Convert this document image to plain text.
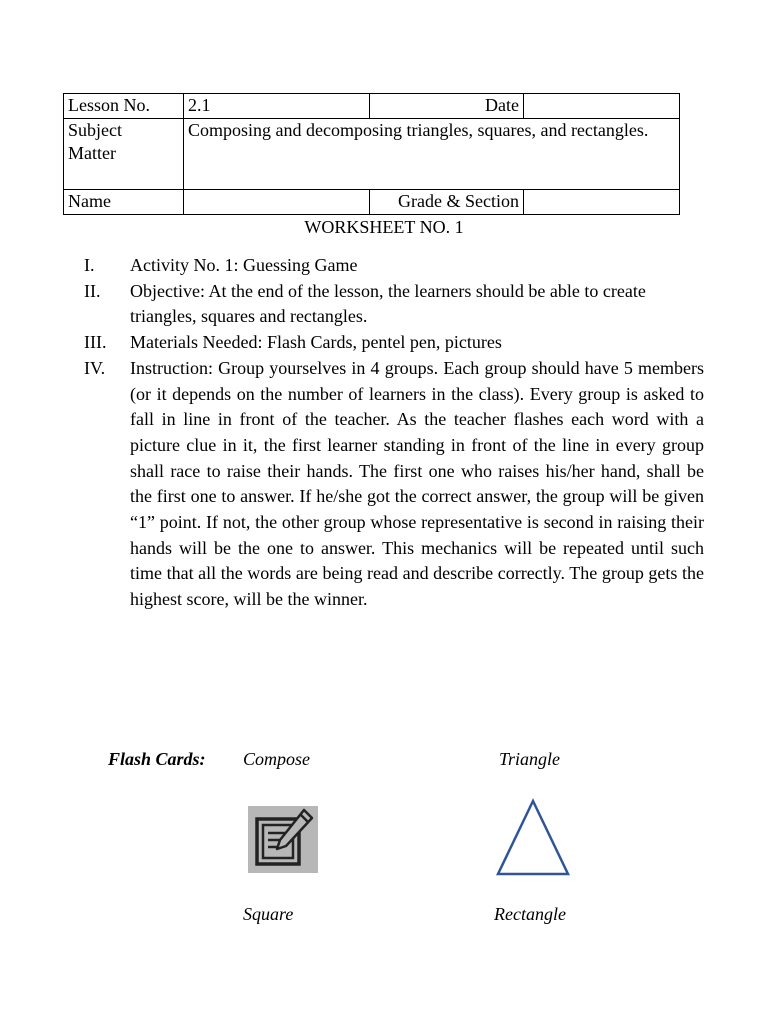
Lesson No.	2.1	Date	
Subject
Matter	Composing and decomposing triangles, squares, and rectangles.		
Name		Grade & Section	
WORKSHEET NO. 1
I.	Activity No. 1: Guessing Game
II.	Objective: At the end of the lesson, the learners should be able to create triangles, squares and rectangles.
III.	Materials Needed: Flash Cards, pentel pen, pictures
IV.	Instruction: Group yourselves in 4 groups. Each group should have 5 members (or it depends on the number of learners in the class). Every group is asked to fall in line in front of the teacher. As the teacher flashes each word with a picture clue in it, the first learner standing in front of the line in every group shall race to raise their hands. The first one who raises his/her hand, shall be the first one to answer. If he/she got the correct answer, the group will be given “1” point. If not, the other group whose representative is second in raising their hands will be the one to answer. This mechanics will be repeated until such time that all the words are being read and describe correctly. The group gets the highest score, will be the winner.
Flash Cards: Compose	Triangle
Square	Rectangle
